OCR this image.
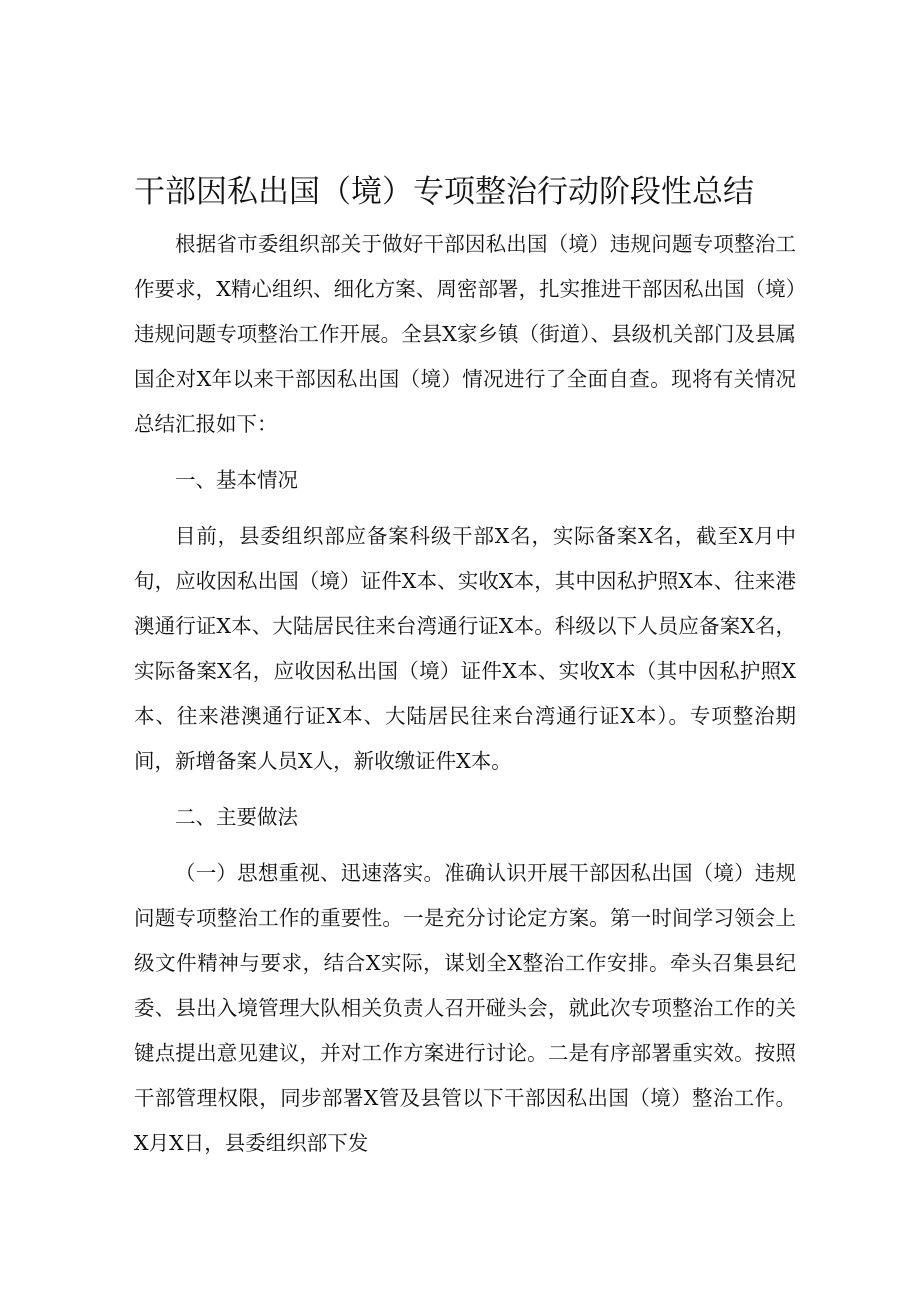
干部因私出国（境）专项整治行动阶段性总结

根据省市委组织部关于做好干部因私出国（境）违规问题专项整治工作要求，X精心组织、细化方案、周密部署，扎实推进干部因私出国（境）违规问题专项整治工作开展。全县X家乡镇（街道）、县级机关部门及县属国企对X年以来干部因私出国（境）情况进行了全面自查。现将有关情况总结汇报如下：

一、基本情况

目前，县委组织部应备案科级干部X名，实际备案X名，截至X月中旬，应收因私出国（境）证件X本、实收X本，其中因私护照X本、往来港澳通行证X本、大陆居民往来台湾通行证X本。科级以下人员应备案X名，实际备案X名，应收因私出国（境）证件X本、实收X本（其中因私护照X本、往来港澳通行证X本、大陆居民往来台湾通行证X本）。专项整治期间，新增备案人员X人，新收缴证件X本。

二、主要做法

（一）思想重视、迅速落实。准确认识开展干部因私出国（境）违规问题专项整治工作的重要性。一是充分讨论定方案。第一时间学习领会上级文件精神与要求，结合X实际，谋划全X整治工作安排。牵头召集县纪委、县出入境管理大队相关负责人召开碰头会，就此次专项整治工作的关键点提出意见建议，并对工作方案进行讨论。二是有序部署重实效。按照干部管理权限，同步部署X管及县管以下干部因私出国（境）整治工作。X月X日，县委组织部下发
